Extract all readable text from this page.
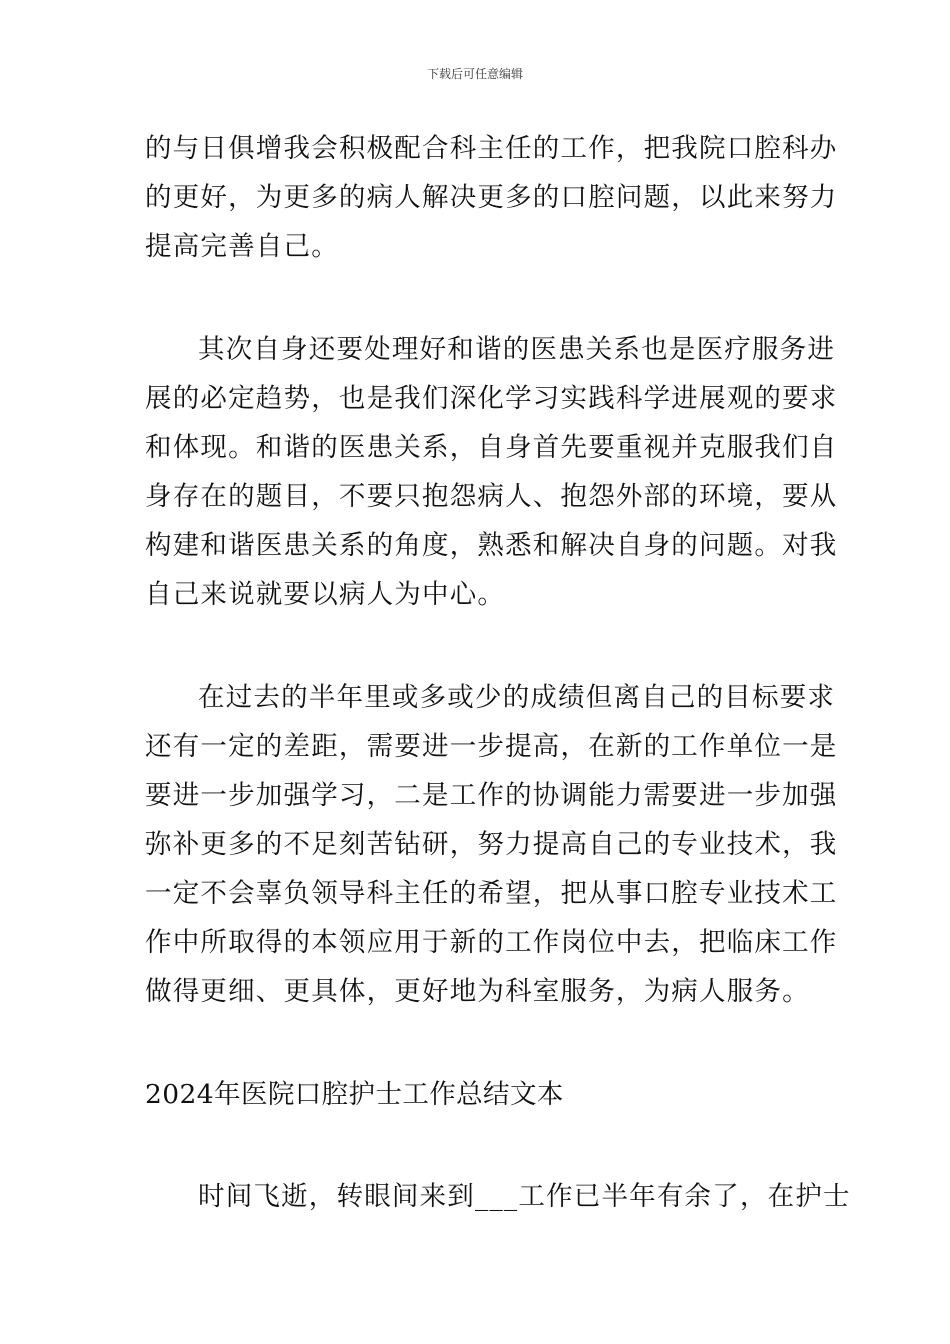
下载后可任意编辑
的与日俱增我会积极配合科主任的工作，把我院口腔科办
的更好，为更多的病人解决更多的口腔问题，以此来努力
提高完善自己。
其次自身还要处理好和谐的医患关系也是医疗服务进
展的必定趋势，也是我们深化学习实践科学进展观的要求
和体现。和谐的医患关系，自身首先要重视并克服我们自
身存在的题目，不要只抱怨病人、抱怨外部的环境，要从
构建和谐医患关系的角度，熟悉和解决自身的问题。对我
自己来说就要以病人为中心。
在过去的半年里或多或少的成绩但离自己的目标要求
还有一定的差距，需要进一步提高，在新的工作单位一是
要进一步加强学习，二是工作的协调能力需要进一步加强
弥补更多的不足刻苦钻研，努力提高自己的专业技术，我
一定不会辜负领导科主任的希望，把从事口腔专业技术工
作中所取得的本领应用于新的工作岗位中去，把临床工作
做得更细、更具体，更好地为科室服务，为病人服务。
2024年医院口腔护士工作总结文本
时间飞逝，转眼间来到___工作已半年有余了，在护士
